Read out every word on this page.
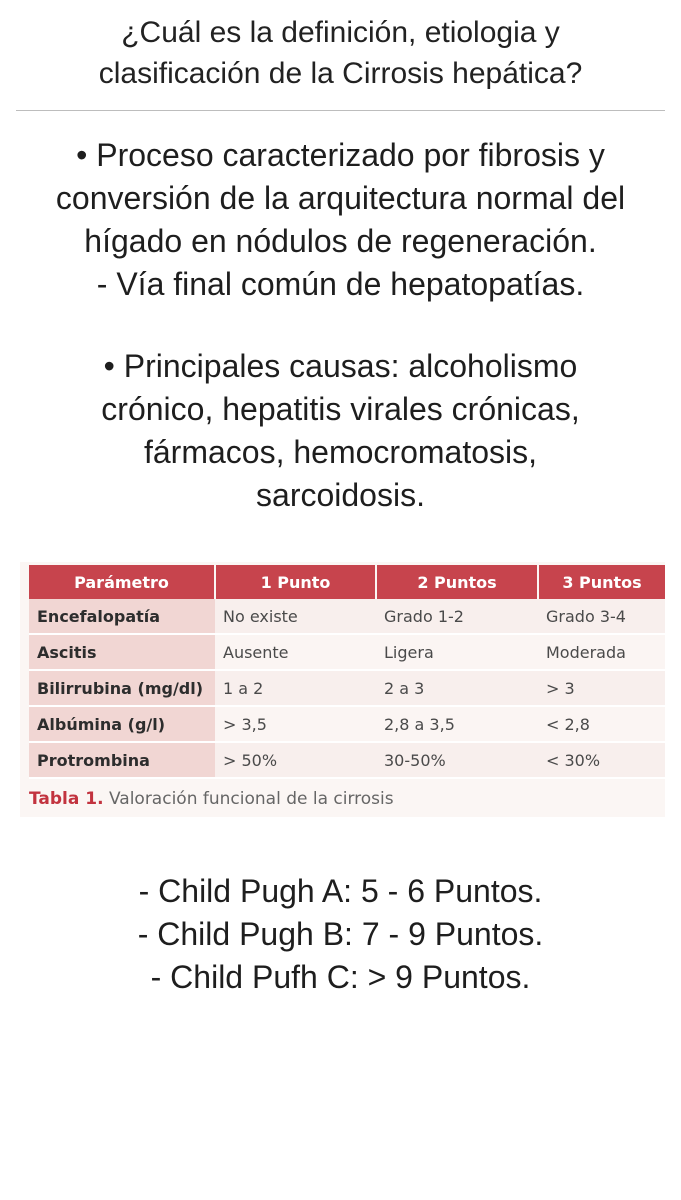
¿Cuál es la definición, etiologia y
clasificación de la Cirrosis hepática?
• Proceso caracterizado por fibrosis y
conversión de la arquitectura normal del
hígado en nódulos de regeneración.
- Vía final común de hepatopatías.
• Principales causas: alcoholismo
crónico, hepatitis virales crónicas,
fármacos, hemocromatosis,
sarcoidosis.
Parámetro	1 Punto	2 Puntos	3 Puntos
Encefalopatía	No existe	Grado 1-2	Grado 3-4
Ascitis	Ausente	Ligera	Moderada
Bilirrubina (mg/dl)	1 a 2	2 a 3	> 3
Albúmina (g/l)	> 3,5	2,8 a 3,5	< 2,8
Protrombina	> 50%	30-50%	< 30%
Tabla 1. Valoración funcional de la cirrosis
- Child Pugh A: 5 - 6 Puntos.
- Child Pugh B: 7 - 9 Puntos.
- Child Pufh C: > 9 Puntos.
